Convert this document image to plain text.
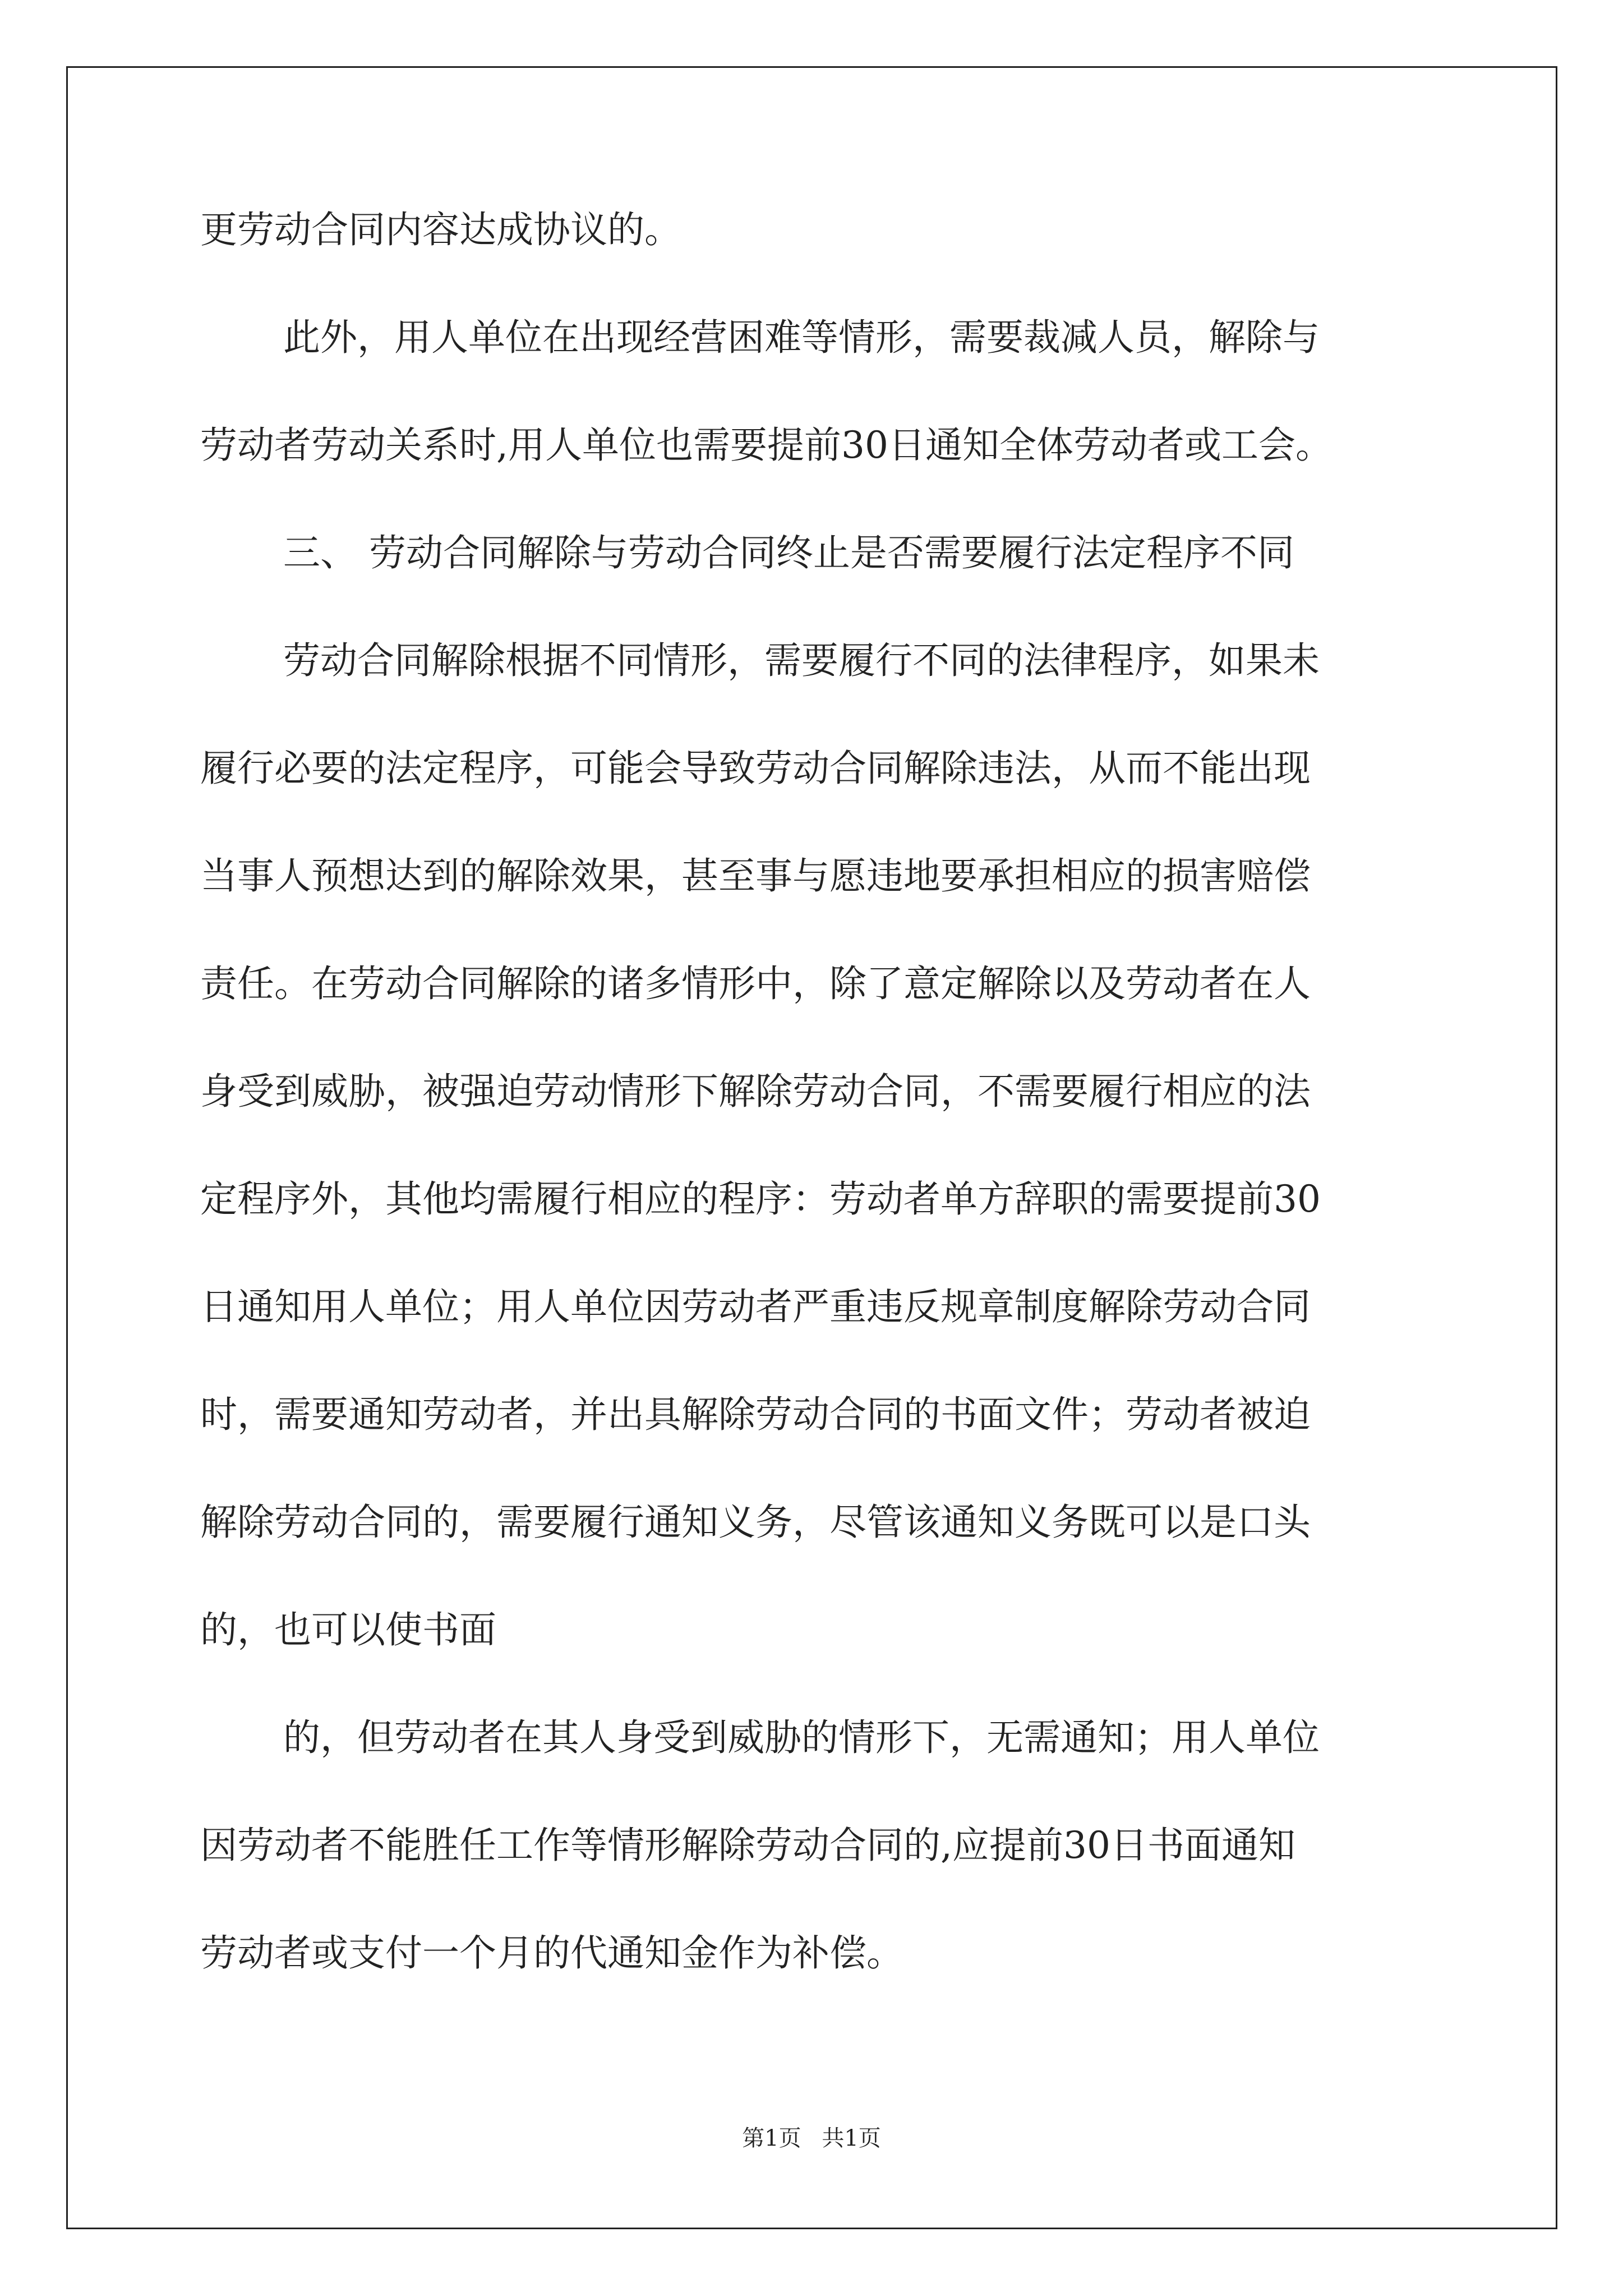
更劳动合同内容达成协议的。
此外，用人单位在出现经营困难等情形，需要裁减人员，解除与
劳动者劳动关系时,用人单位也需要提前30日通知全体劳动者或工会。
三、 劳动合同解除与劳动合同终止是否需要履行法定程序不同
劳动合同解除根据不同情形，需要履行不同的法律程序，如果未
履行必要的法定程序，可能会导致劳动合同解除违法，从而不能出现
当事人预想达到的解除效果，甚至事与愿违地要承担相应的损害赔偿
责任。在劳动合同解除的诸多情形中，除了意定解除以及劳动者在人
身受到威胁，被强迫劳动情形下解除劳动合同，不需要履行相应的法
定程序外，其他均需履行相应的程序：劳动者单方辞职的需要提前30
日通知用人单位；用人单位因劳动者严重违反规章制度解除劳动合同
时，需要通知劳动者，并出具解除劳动合同的书面文件；劳动者被迫
解除劳动合同的，需要履行通知义务，尽管该通知义务既可以是口头
的，也可以使书面
的，但劳动者在其人身受到威胁的情形下，无需通知；用人单位
因劳动者不能胜任工作等情形解除劳动合同的,应提前30日书面通知
劳动者或支付一个月的代通知金作为补偿。
第1页 共1页
